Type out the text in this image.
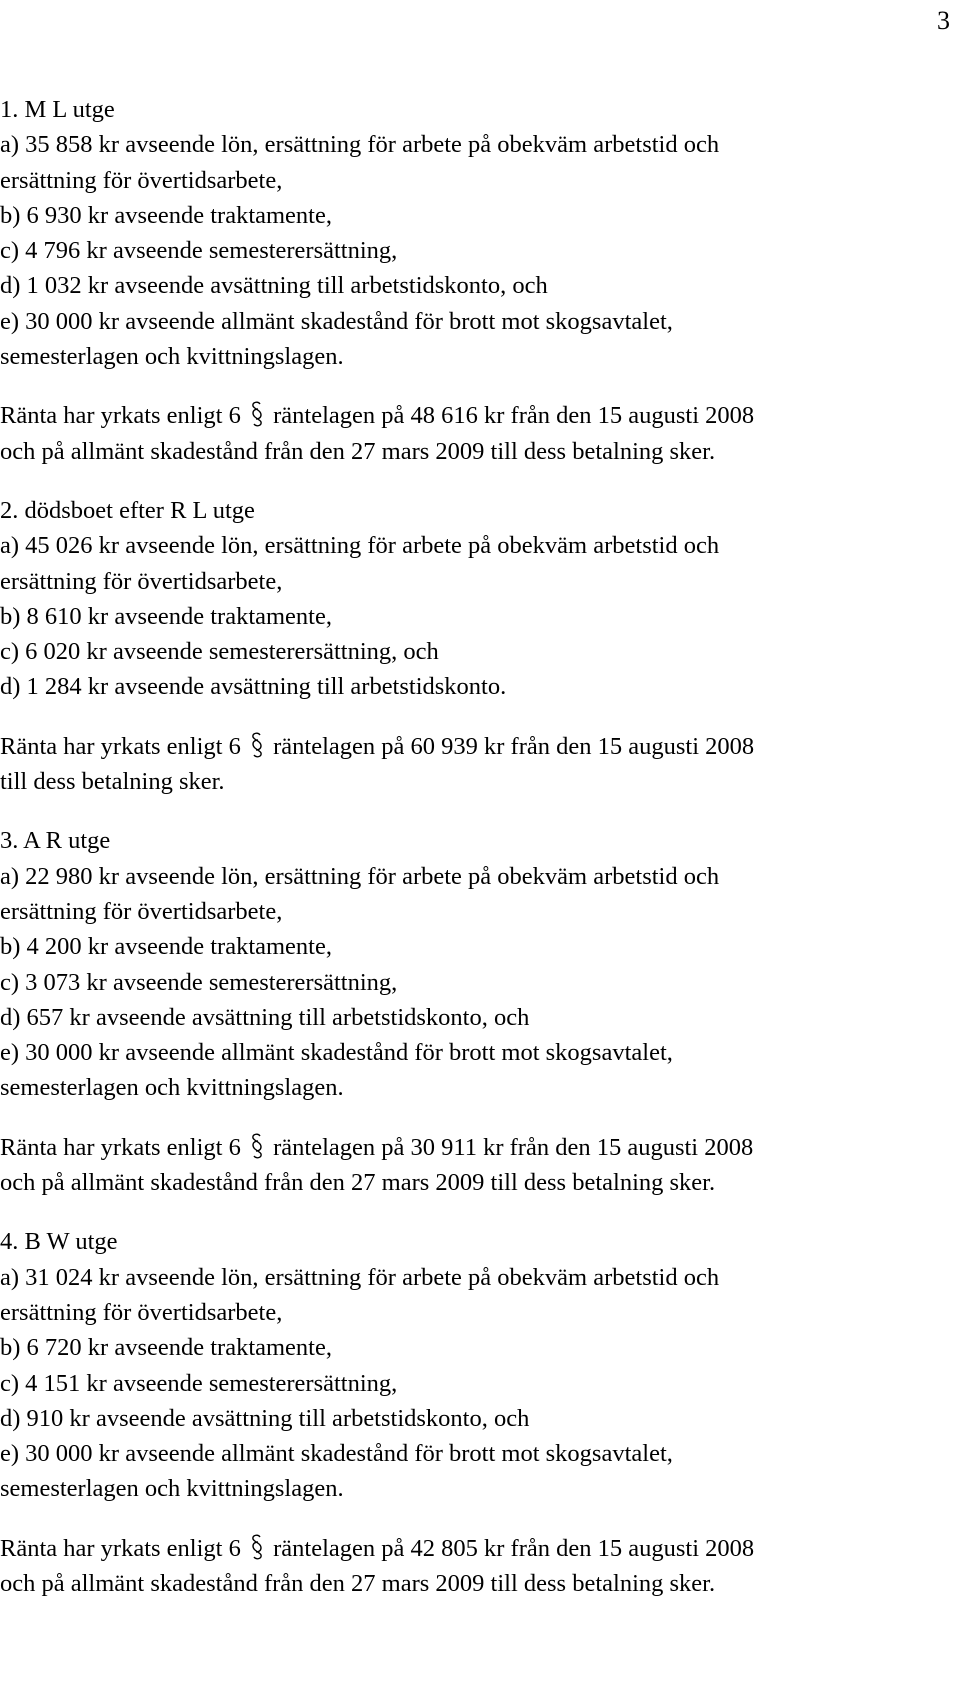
3
1. M L utge
a) 35 858 kr avseende lön, ersättning för arbete på obekväm arbetstid och
ersättning för övertidsarbete,
b) 6 930 kr avseende traktamente,
c) 4 796 kr avseende semesterersättning,
d) 1 032 kr avseende avsättning till arbetstidskonto, och
e) 30 000 kr avseende allmänt skadestånd för brott mot skogsavtalet,
semesterlagen och kvittningslagen.
Ränta har yrkats enligt 6 räntelagen på 48 616 kr från den 15 augusti 2008
och på allmänt skadestånd från den 27 mars 2009 till dess betalning sker.
2. dödsboet efter R L utge
a) 45 026 kr avseende lön, ersättning för arbete på obekväm arbetstid och
ersättning för övertidsarbete,
b) 8 610 kr avseende traktamente,
c) 6 020 kr avseende semesterersättning, och
d) 1 284 kr avseende avsättning till arbetstidskonto.
Ränta har yrkats enligt 6 räntelagen på 60 939 kr från den 15 augusti 2008
till dess betalning sker.
3. A R utge
a) 22 980 kr avseende lön, ersättning för arbete på obekväm arbetstid och
ersättning för övertidsarbete,
b) 4 200 kr avseende traktamente,
c) 3 073 kr avseende semesterersättning,
d) 657 kr avseende avsättning till arbetstidskonto, och
e) 30 000 kr avseende allmänt skadestånd för brott mot skogsavtalet,
semesterlagen och kvittningslagen.
Ränta har yrkats enligt 6 räntelagen på 30 911 kr från den 15 augusti 2008
och på allmänt skadestånd från den 27 mars 2009 till dess betalning sker.
4. B W utge
a) 31 024 kr avseende lön, ersättning för arbete på obekväm arbetstid och
ersättning för övertidsarbete,
b) 6 720 kr avseende traktamente,
c) 4 151 kr avseende semesterersättning,
d) 910 kr avseende avsättning till arbetstidskonto, och
e) 30 000 kr avseende allmänt skadestånd för brott mot skogsavtalet,
semesterlagen och kvittningslagen.
Ränta har yrkats enligt 6 räntelagen på 42 805 kr från den 15 augusti 2008
och på allmänt skadestånd från den 27 mars 2009 till dess betalning sker.
